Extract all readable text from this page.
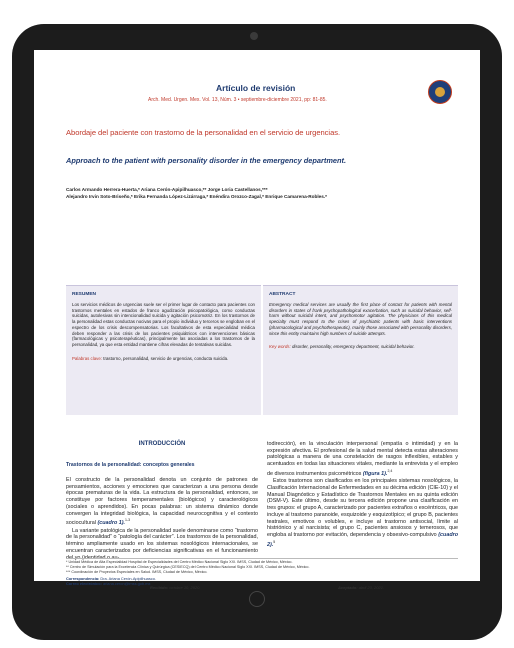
Artículo de revisión
Arch. Med. Urgen. Mex. Vol. 13, Núm. 3 • septiembre-diciembre 2021, pp: 81-85.
Abordaje del paciente con trastorno de la personalidad en el servicio de urgencias.
Approach to the patient with personality disorder in the emergency department.
Carlos Armando Herrera-Huerta,* Ariana Cerón-Apipilhuasco,** Jorge Loria Castellanos,***
Alejandro Irvin Soto-Briseño,* Erika Fernanda López-Lizárraga,* Enéndira Orozco-Zagal,* Enrique Camarena-Robles.*
RESUMEN
Los servicios médicos de urgencias suele ser el primer lugar de contacto para pacientes con trastornos mentales en estados de franco agudización psicopatológica, como conductas suicidas, autolesivas sin intencionalidad suicida y agitación psicomotriz. En los trastornos de la personalidad estas conductas nocivas para el propio individuo y terceros se engloban en el espectro de los crisis descompensatorias. Los facultativos de esta especialidad médica deben responder a las crisis de los pacientes psiquiátricos con intervenciones básicas (farmacológicas y psicoterapéuticas), principalmente las asociadas a los trastornos de la personalidad, ya que esta entidad mantiene cifras elevadas de tentativas suicidas.
Palabras clave: trastorno, personalidad, servicio de urgencias, conducta suicida.
ABSTRACT
Emergency medical services are usually the first place of contact for patients with mental disorders in states of frank psychopathological exacerbation, such as suicidal behavior, self-harm without suicidal intent, and psychomotor agitation. The physicians of this medical specialty must respond to the crises of psychiatric patients with basic interventions (pharmacological and psychotherapeutic), mainly those associated with personality disorders, since this entity maintains high numbers of suicide attempts.
Key words: disorder, personality, emergency department, suicidal behavior.
INTRODUCCIÓN
Trastornos de la personalidad: conceptos generales

El constructo de la personalidad denota un conjunto de patrones de pensamientos, acciones y emociones que caracterizan a una persona desde épocas prematuras de la vida. La estructura de la personalidad, entonces, se constituye por factores temperamentales (biológicos) y caracterológicos (sociales o aprendidos). En pocas palabras: un sistema dinámico donde convergen la integridad biológica, la capacidad neurocognitiva y el contexto sociocultural (cuadro 1).$^{1-3}$

La variante patológica de la personalidad suele denominarse como “trastorno de la personalidad” o “patología del carácter”. Los trastornos de la personalidad, término ampliamente usado en los sistemas nosológicos internacionales, se encuentran caracterizados por deficiencias significativas en el funcionamiento del yo (identidad o au-

todirección), en la vinculación interpersonal (empatía o intimidad) y en la expresión afectiva. El profesional de la salud mental detecta estas alteraciones patológicas a manera de una constelación de rasgos inflexibles, estables y acentuados en todas las situaciones vitales, mediante la entrevista y el empleo de diversos instrumentos psicométricos (figura 1).$^{2,4}$

Estos trastornos son clasificados en los principales sistemas nosológicos, la Clasificación Internacional de Enfermedades en su décima edición (CIE-10) y el Manual Diagnóstico y Estadístico de Trastornos Mentales en su quinta edición (DSM-V). Este último, desde su tercera edición propone una clasificación en tres grupos: el grupo A, caracterizado por pacientes extraños o excéntricos, que incluye al trastorno paranoide, esquizoide y esquizotípico; el grupo B, pacientes teatrales, emotivos o volubles, e incluye al trastorno antisocial, límite al histriónico y al narcisista; el grupo C, pacientes ansiosos y temerosos, que engloba al trastorno por evitación, dependencia y obsesivo-compulsivo (cuadro 2).$^5$

* Unidad Médica de Alta Especialidad Hospital de Especialidades del Centro Médico Nacional Siglo XXI. IMSS, Ciudad de México, México.
** Centro de Simulación para la Excelencia Clínica y Quirúrgica (CESIECQ) del Centro Médico Nacional Siglo XXI. IMSS, Ciudad de México, México.
*** Coordinación de Proyectos Especiales en Salud. IMSS, Ciudad de México, México.
Correspondencia: Dra. Ariana Cerón-Apipilhuasco.
Correo electrónico: ariana.ceron@imss.gob.mx
Recibido: octubre 10, 2020.	Aceptado: abril 23, 2021.
